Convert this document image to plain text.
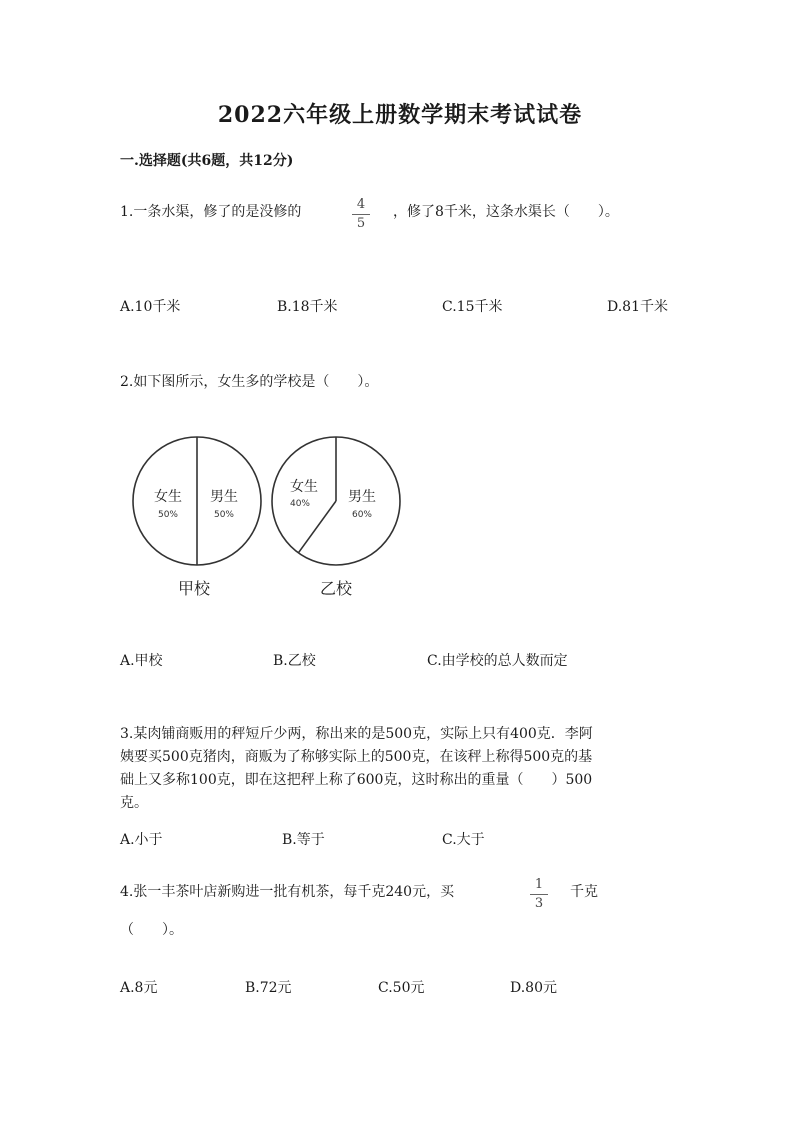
2022六年级上册数学期末考试试卷
一.选择题(共6题，共12分)
1.一条水渠，修了的是没修的	4
5
，修了8千米，这条水渠长（　　）。
A.10千米	B.18千米	C.15千米	D.81千米
2.如下图所示，女生多的学校是（　　）。
女生
50%
男生
50%
甲校
女生
40%	男生
60%
乙校
A.甲校	B.乙校	C.由学校的总人数而定
3.某肉铺商贩用的秤短斤少两，称出来的是500克，实际上只有400克．李阿
姨要买500克猪肉，商贩为了称够实际上的500克，在该秤上称得500克的基
础上又多称100克，即在这把秤上称了600克，这时称出的重量（　　）500
克。
A.小于	B.等于	C.大于
4.张一丰茶叶店新购进一批有机茶，每千克240元，买	1
3
千克
（　　）。
A.8元	B.72元	C.50元	D.80元
